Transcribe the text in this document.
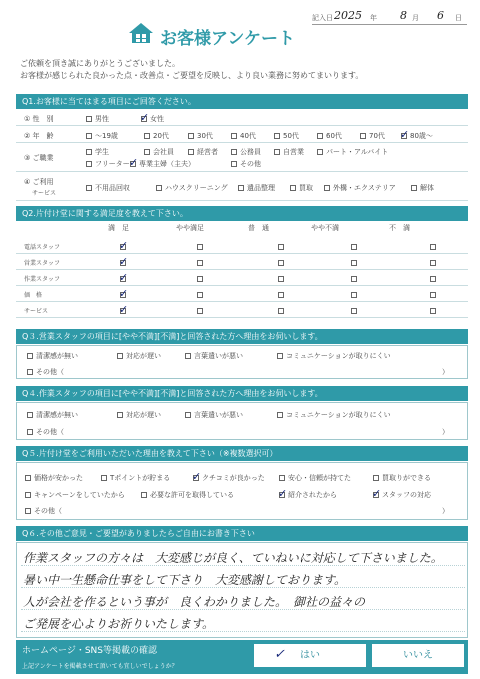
記入日 2025 年 8 月 6 日
お客様アンケート
ご依頼を頂き誠にありがとうございました。
お客様が感じられた良かった点・改善点・ご要望を反映し、より良い業務に努めてまいります。
Q1.お客様に当てはまる項目にご回答ください。
① 性　別	男性	✓ 女性
② 年　齢	～19歳	20代	30代	40代	50代	60代	70代 ✓ 80歳～
③ ご職業
学生	会社員	経営者	公務員	自営業	パート・アルバイト
フリーター ✓ 専業主婦（主夫）	その他
④ ご利用
サービス
不用品回収	ハウスクリーニング	遺品整理	買取	外構・エクステリア	解体
Q2.片付け堂に関する満足度を教えて下さい。
満　足	やや満足	普　通	やや不満	不　満
電話スタッフ	✓
営業スタッフ	✓
作業スタッフ	✓
価　格	✓
サービス	✓
Q３.営業スタッフの項目に[やや不満][不満]と回答された方へ理由をお伺いします。
清潔感が無い	対応が遅い	言葉遣いが悪い	コミュニケーションが取りにくい
その他（	）
Q４.作業スタッフの項目に[やや不満][不満]と回答された方へ理由をお伺いします。
清潔感が無い	対応が遅い	言葉遣いが悪い	コミュニケーションが取りにくい
その他（	）
Q５.片付け堂をご利用いただいた理由を教えて下さい（※複数選択可）
価格が安かった	Tポイントが貯まる ✓ クチコミが良かった	安心・信頼が持てた	買取りができる
キャンペーンをしていたから	必要な許可を取得している	✓ 紹介されたから	✓ スタッフの対応
その他（	）
Q６.その他ご意見・ご要望がありましたらご自由にお書き下さい
作業スタッフの方々は　大変感じが良く、ていねいに対応して下さいました。
暑い中一生懸命仕事をして下さり　大変感謝しております。
人が会社を作るという事が　良くわかりました。　御社の益々の
ご発展を心よりお祈りいたします。
ホームページ・SNS等掲載の確認
上記アンケートを掲載させて頂いても宜しいでしょうか？
✓ はい	いいえ
